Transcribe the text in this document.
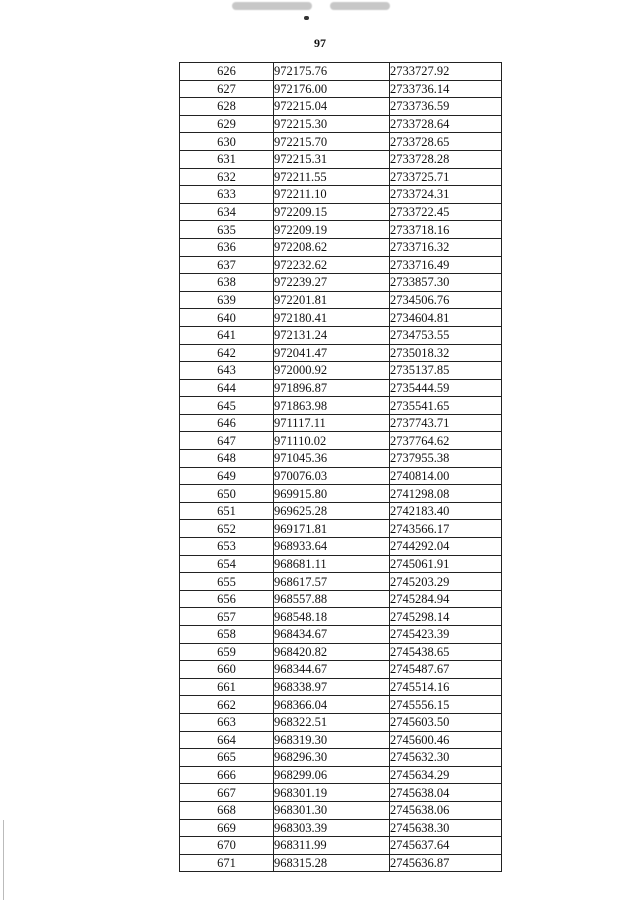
97
626	972175.76	2733727.92
627	972176.00	2733736.14
628	972215.04	2733736.59
629	972215.30	2733728.64
630	972215.70	2733728.65
631	972215.31	2733728.28
632	972211.55	2733725.71
633	972211.10	2733724.31
634	972209.15	2733722.45
635	972209.19	2733718.16
636	972208.62	2733716.32
637	972232.62	2733716.49
638	972239.27	2733857.30
639	972201.81	2734506.76
640	972180.41	2734604.81
641	972131.24	2734753.55
642	972041.47	2735018.32
643	972000.92	2735137.85
644	971896.87	2735444.59
645	971863.98	2735541.65
646	971117.11	2737743.71
647	971110.02	2737764.62
648	971045.36	2737955.38
649	970076.03	2740814.00
650	969915.80	2741298.08
651	969625.28	2742183.40
652	969171.81	2743566.17
653	968933.64	2744292.04
654	968681.11	2745061.91
655	968617.57	2745203.29
656	968557.88	2745284.94
657	968548.18	2745298.14
658	968434.67	2745423.39
659	968420.82	2745438.65
660	968344.67	2745487.67
661	968338.97	2745514.16
662	968366.04	2745556.15
663	968322.51	2745603.50
664	968319.30	2745600.46
665	968296.30	2745632.30
666	968299.06	2745634.29
667	968301.19	2745638.04
668	968301.30	2745638.06
669	968303.39	2745638.30
670	968311.99	2745637.64
671	968315.28	2745636.87
